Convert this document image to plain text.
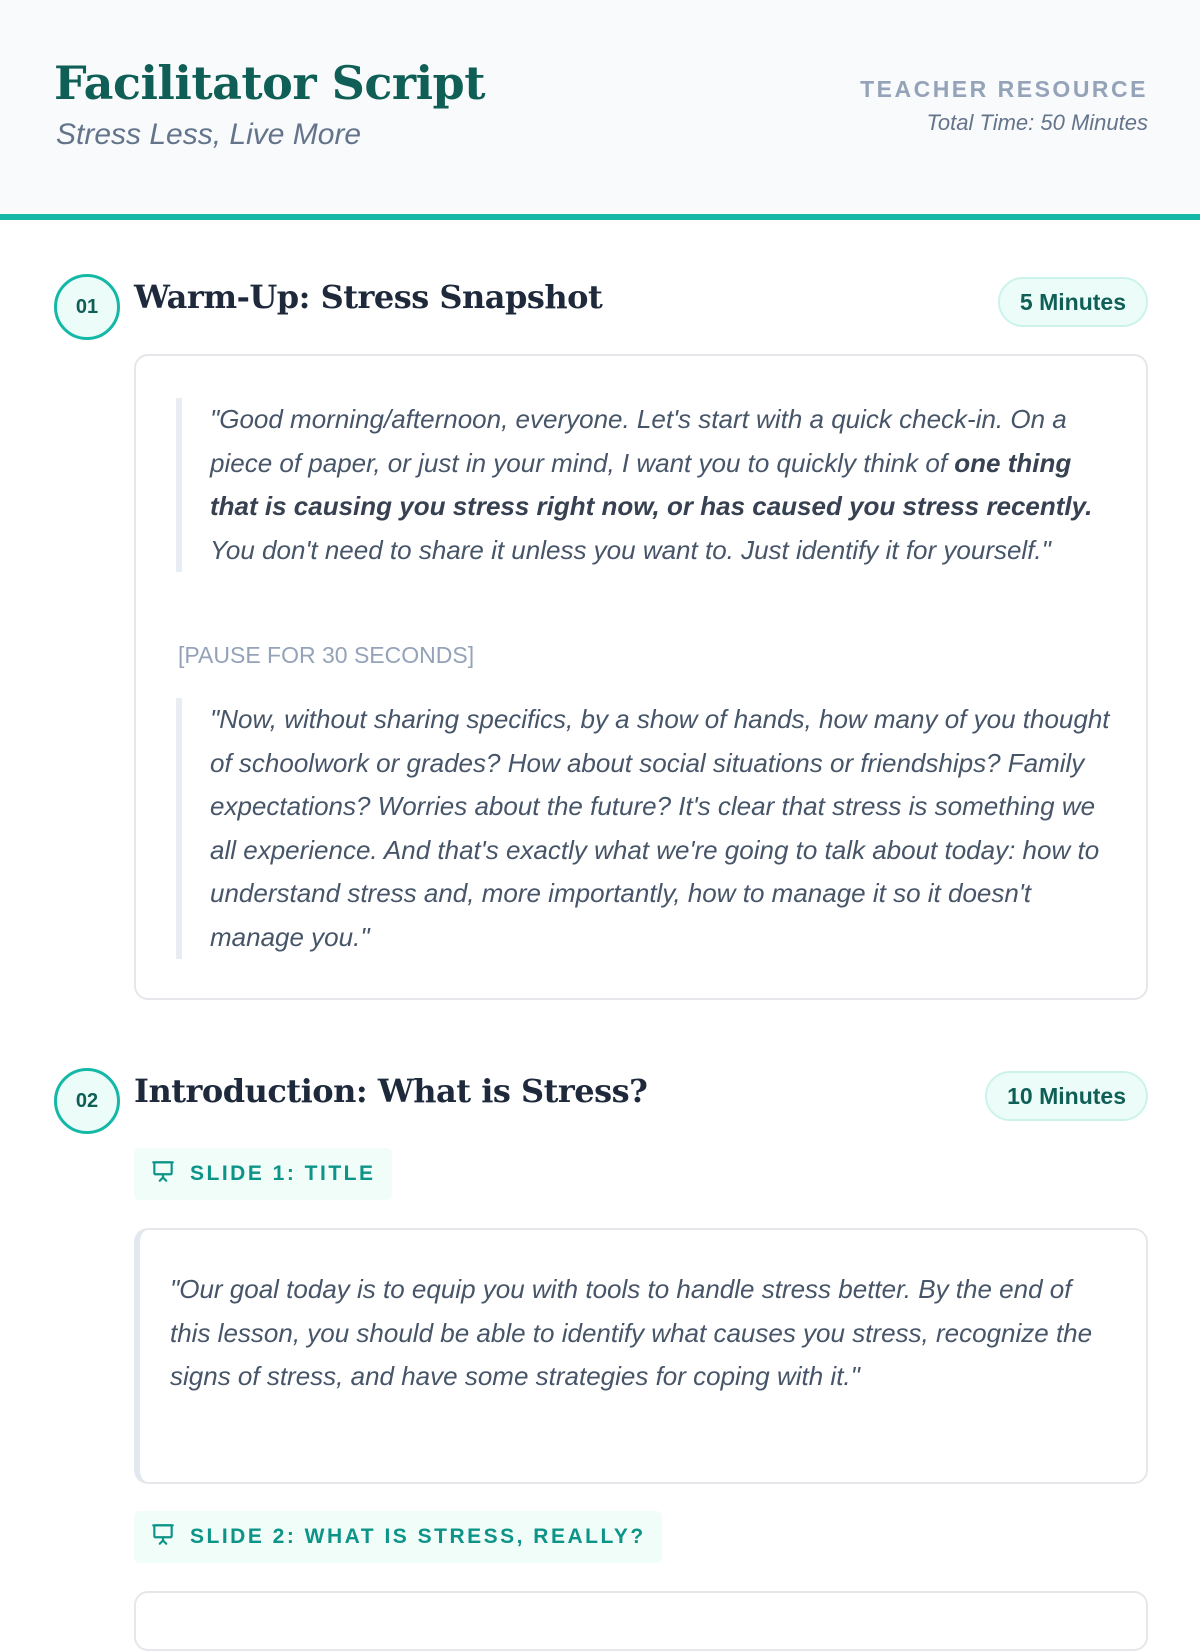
Facilitator Script
Stress Less, Live More
TEACHER RESOURCE
Total Time: 50 Minutes
01	Warm-Up: Stress Snapshot	5 Minutes
"Good morning/afternoon, everyone. Let's start with a quick check-in. On a piece of paper, or just in your mind, I want you to quickly think of one thing that is causing you stress right now, or has caused you stress recently. You don't need to share it unless you want to. Just identify it for yourself."
[PAUSE FOR 30 SECONDS]
"Now, without sharing specifics, by a show of hands, how many of you thought of schoolwork or grades? How about social situations or friendships? Family expectations? Worries about the future? It's clear that stress is something we all experience. And that's exactly what we're going to talk about today: how to understand stress and, more importantly, how to manage it so it doesn't manage you."
02	Introduction: What is Stress?	10 Minutes
SLIDE 1: TITLE
"Our goal today is to equip you with tools to handle stress better. By the end of this lesson, you should be able to identify what causes you stress, recognize the signs of stress, and have some strategies for coping with it."
SLIDE 2: WHAT IS STRESS, REALLY?
